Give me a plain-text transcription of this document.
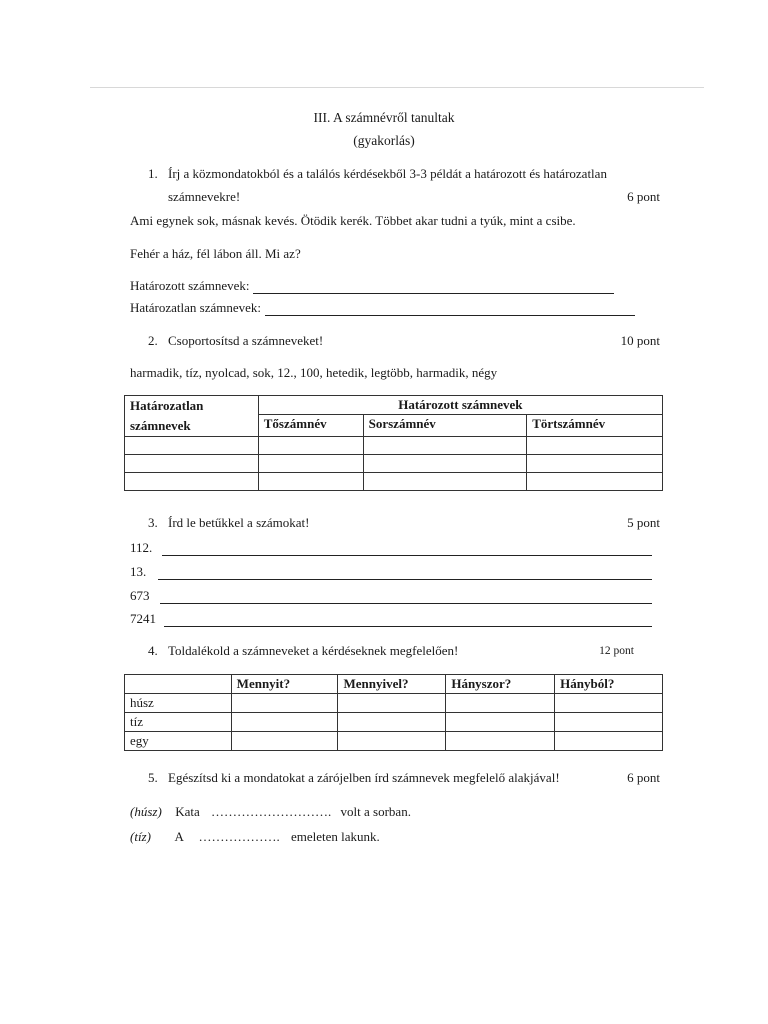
III. A számnévről tanultak
(gyakorlás)
1. Írj a közmondatokból és a találós kérdésekből 3-3 példát a határozott és határozatlan
számnevekre!	6 pont
Ami egynek sok, másnak kevés. Ötödik kerék. Többet akar tudni a tyúk, mint a csibe.
Fehér a ház, fél lábon áll. Mi az?
Határozott számnevek:
Határozatlan számnevek:
2. Csoportosítsd a számneveket!	10 pont
harmadik, tíz, nyolcad, sok, 12., 100, hetedik, legtöbb, harmadik, négy
Határozatlan
számnevek	Határozott számnevek		
	Tőszámnév	Sorszámnév	Törtszámnév

3. Írd le betűkkel a számokat!	5 pont
112.
13.
673
7241
4. Toldalékold a számneveket a kérdéseknek megfelelően!	12 pont
	Mennyit?	Mennyivel?	Hányszor?	Hányból?
húsz				
tíz				
egy				
5. Egészítsd ki a mondatokat a zárójelben írd számnevek megfelelő alakjával!	6 pont
(húsz) Kata ………………………. volt a sorban.
(tíz) A ………………. emeleten lakunk.
